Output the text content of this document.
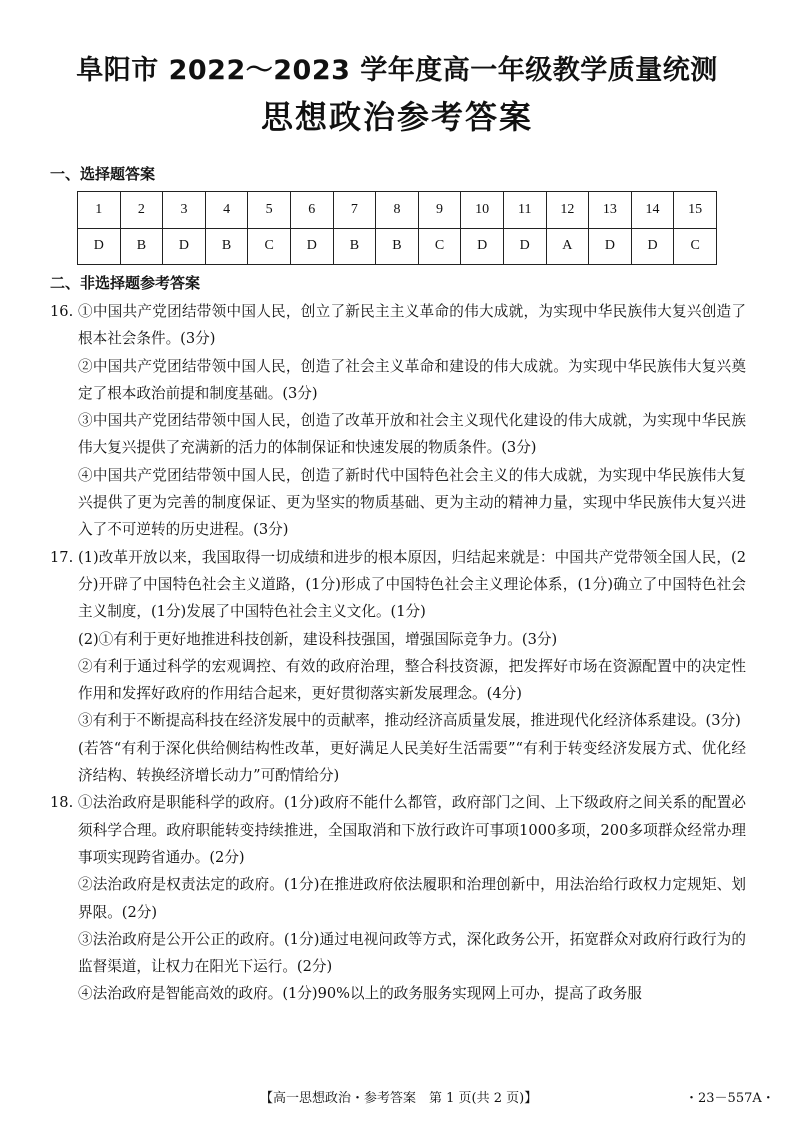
阜阳市 2022～2023 学年度高一年级教学质量统测
思想政治参考答案
一、选择题答案
1	2	3	4	5	6	7	8	9	10	11	12	13	14	15
D	B	D	B	C	D	B	B	C	D	D	A	D	D	C
二、非选择题参考答案
16. ①中国共产党团结带领中国人民，创立了新民主主义革命的伟大成就，为实现中华民族伟大复兴创造了根本社会条件。(3分)
②中国共产党团结带领中国人民，创造了社会主义革命和建设的伟大成就。为实现中华民族伟大复兴奠定了根本政治前提和制度基础。(3分)
③中国共产党团结带领中国人民，创造了改革开放和社会主义现代化建设的伟大成就，为实现中华民族伟大复兴提供了充满新的活力的体制保证和快速发展的物质条件。(3分)
④中国共产党团结带领中国人民，创造了新时代中国特色社会主义的伟大成就，为实现中华民族伟大复兴提供了更为完善的制度保证、更为坚实的物质基础、更为主动的精神力量，实现中华民族伟大复兴进入了不可逆转的历史进程。(3分)
17. (1)改革开放以来，我国取得一切成绩和进步的根本原因，归结起来就是：中国共产党带领全国人民，(2分)开辟了中国特色社会主义道路，(1分)形成了中国特色社会主义理论体系，(1分)确立了中国特色社会主义制度，(1分)发展了中国特色社会主义文化。(1分)
(2)①有利于更好地推进科技创新，建设科技强国，增强国际竞争力。(3分)
②有利于通过科学的宏观调控、有效的政府治理，整合科技资源，把发挥好市场在资源配置中的决定性作用和发挥好政府的作用结合起来，更好贯彻落实新发展理念。(4分)
③有利于不断提高科技在经济发展中的贡献率，推动经济高质量发展，推进现代化经济体系建设。(3分)
(若答“有利于深化供给侧结构性改革，更好满足人民美好生活需要”“有利于转变经济发展方式、优化经济结构、转换经济增长动力”可酌情给分)
18. ①法治政府是职能科学的政府。(1分)政府不能什么都管，政府部门之间、上下级政府之间关系的配置必须科学合理。政府职能转变持续推进，全国取消和下放行政许可事项1000多项，200多项群众经常办理事项实现跨省通办。(2分)
②法治政府是权责法定的政府。(1分)在推进政府依法履职和治理创新中，用法治给行政权力定规矩、划界限。(2分)
③法治政府是公开公正的政府。(1分)通过电视问政等方式，深化政务公开，拓宽群众对政府行政行为的监督渠道，让权力在阳光下运行。(2分)
④法治政府是智能高效的政府。(1分)90%以上的政务服务实现网上可办，提高了政务服
【高一思想政治・参考答案　第 1 页(共 2 页)】	・23－557A・
